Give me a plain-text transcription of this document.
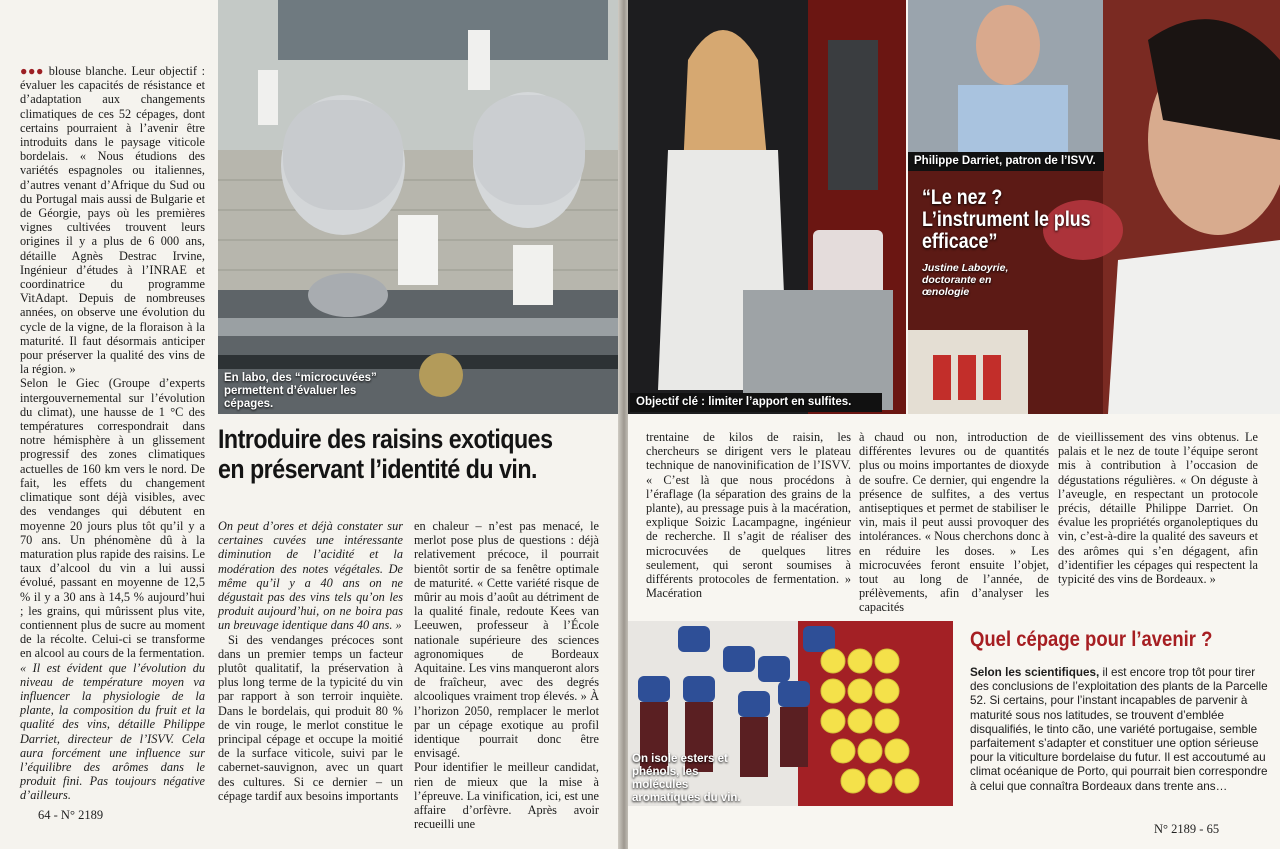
●●● blouse blanche. Leur objectif : évaluer les capacités de résistance et d’adaptation aux changements climatiques de ces 52 cépages, dont certains pourraient à l’avenir être introduits dans le paysage viticole bordelais. « Nous étudions des variétés espagnoles ou italiennes, d’autres venant d’Afrique du Sud ou du Portugal mais aussi de Bulgarie et de Géorgie, pays où les premières vignes cultivées trouvent leurs origines il y a plus de 6 000 ans, détaille Agnès Destrac Irvine, Ingénieur d’études à l’INRAE et coordinatrice du programme VitAdapt. Depuis de nombreuses années, on observe une évolution du cycle de la vigne, de la floraison à la maturité. Il faut désormais anticiper pour préserver la qualité des vins de la région. »

Selon le Giec (Groupe d’experts intergouvernemental sur l’évolution du climat), une hausse de 1 °C des températures correspondrait dans notre hémisphère à un glissement progressif des zones climatiques actuelles de 160 km vers le nord. De fait, les effets du changement climatique sont déjà visibles, avec des vendanges qui débutent en moyenne 20 jours plus tôt qu’il y a 70 ans. Un phénomène dû à la maturation plus rapide des raisins. Le taux d’alcool du vin a lui aussi évolué, passant en moyenne de 12,5 % il y a 30 ans à 14,5 % aujourd’hui ; les grains, qui mûrissent plus vite, contiennent plus de sucre au moment de la récolte. Celui-ci se transforme en alcool au cours de la fermentation.

« Il est évident que l’évolution du niveau de température moyen va influencer la physiologie de la plante, la composition du fruit et la qualité des vins, détaille Philippe Darriet, directeur de l’ISVV. Cela aura forcément une influence sur l’équilibre des arômes dans le produit fini. Pas toujours négative d’ailleurs.

En labo, des “microcuvées” permettent d’évaluer les cépages.
Introduire des raisins exotiques en préservant l’identité du vin.

On peut d’ores et déjà constater sur certaines cuvées une intéressante diminution de l’acidité et la modération des notes végétales. De même qu’il y a 40 ans on ne dégustait pas des vins tels qu’on les produit aujourd’hui, on ne boira pas un breuvage identique dans 40 ans. »

Si des vendanges précoces sont dans un premier temps un facteur plutôt qualitatif, la préservation à plus long terme de la typicité du vin par rapport à son terroir inquiète. Dans le bordelais, qui produit 80 % de vin rouge, le merlot constitue le principal cépage et occupe la moitié de la surface viticole, suivi par le cabernet-sauvignon, avec un quart des cultures. Si ce dernier – un cépage tardif aux besoins importants

en chaleur – n’est pas menacé, le merlot pose plus de questions : déjà relativement précoce, il pourrait bientôt sortir de sa fenêtre optimale de maturité. « Cette variété risque de mûrir au mois d’août au détriment de la qualité finale, redoute Kees van Leeuwen, professeur à l’École nationale supérieure des sciences agronomiques de Bordeaux Aquitaine. Les vins manqueront alors de fraîcheur, avec des degrés alcooliques vraiment trop élevés. » À l’horizon 2050, remplacer le merlot par un cépage exotique au profil identique pourrait donc être envisagé.

Pour identifier le meilleur candidat, rien de mieux que la mise à l’épreuve. La vinification, ici, est une affaire d’orfèvre. Après avoir recueilli une

64 - N° 2189
Objectif clé : limiter l’apport en sulfites.
Philippe Darriet, patron de l’ISVV.
“Le nez ? L’instrument le plus efficace”
Justine Laboyrie, doctorante en œnologie
trentaine de kilos de raisin, les chercheurs se dirigent vers le plateau technique de nanovinification de l’ISVV. « C’est là que nous procédons à l’éraflage (la séparation des grains de la plante), au pressage puis à la macération, explique Soizic Lacampagne, ingénieur de recherche. Il s’agit de réaliser des microcuvées de quelques litres seulement, qui seront soumises à différents protocoles de fermentation. » Macération
à chaud ou non, introduction de différentes levures ou de quantités plus ou moins importantes de dioxyde de soufre. Ce dernier, qui engendre la présence de sulfites, a des vertus antiseptiques et permet de stabiliser le vin, mais il peut aussi provoquer des intolérances. « Nous cherchons donc à en réduire les doses. » Les microcuvées feront ensuite l’objet, tout au long de l’année, de prélèvements, afin d’analyser les capacités
de vieillissement des vins obtenus. Le palais et le nez de toute l’équipe seront mis à contribution à l’occasion de dégustations régulières. « On déguste à l’aveugle, en respectant un protocole précis, détaille Philippe Darriet. On évalue les propriétés organoleptiques du vin, c’est-à-dire la qualité des saveurs et des arômes qui s’en dégagent, afin d’identifier les cépages qui respectent la typicité des vins de Bordeaux. »
On isole esters et phénols, les molécules aromatiques du vin.
Quel cépage pour l’avenir ?
Selon les scientifiques, il est encore trop tôt pour tirer des conclusions de l’exploitation des plants de la Parcelle 52. Si certains, pour l’instant incapables de parvenir à maturité sous nos latitudes, se trouvent d’emblée disqualifiés, le tinto cão, une variété portugaise, semble parfaitement s’adapter et constituer une option sérieuse pour la viticulture bordelaise du futur. Il est accoutumé au climat océanique de Porto, qui pourrait bien correspondre à celui que connaîtra Bordeaux dans trente ans…
N° 2189 - 65
